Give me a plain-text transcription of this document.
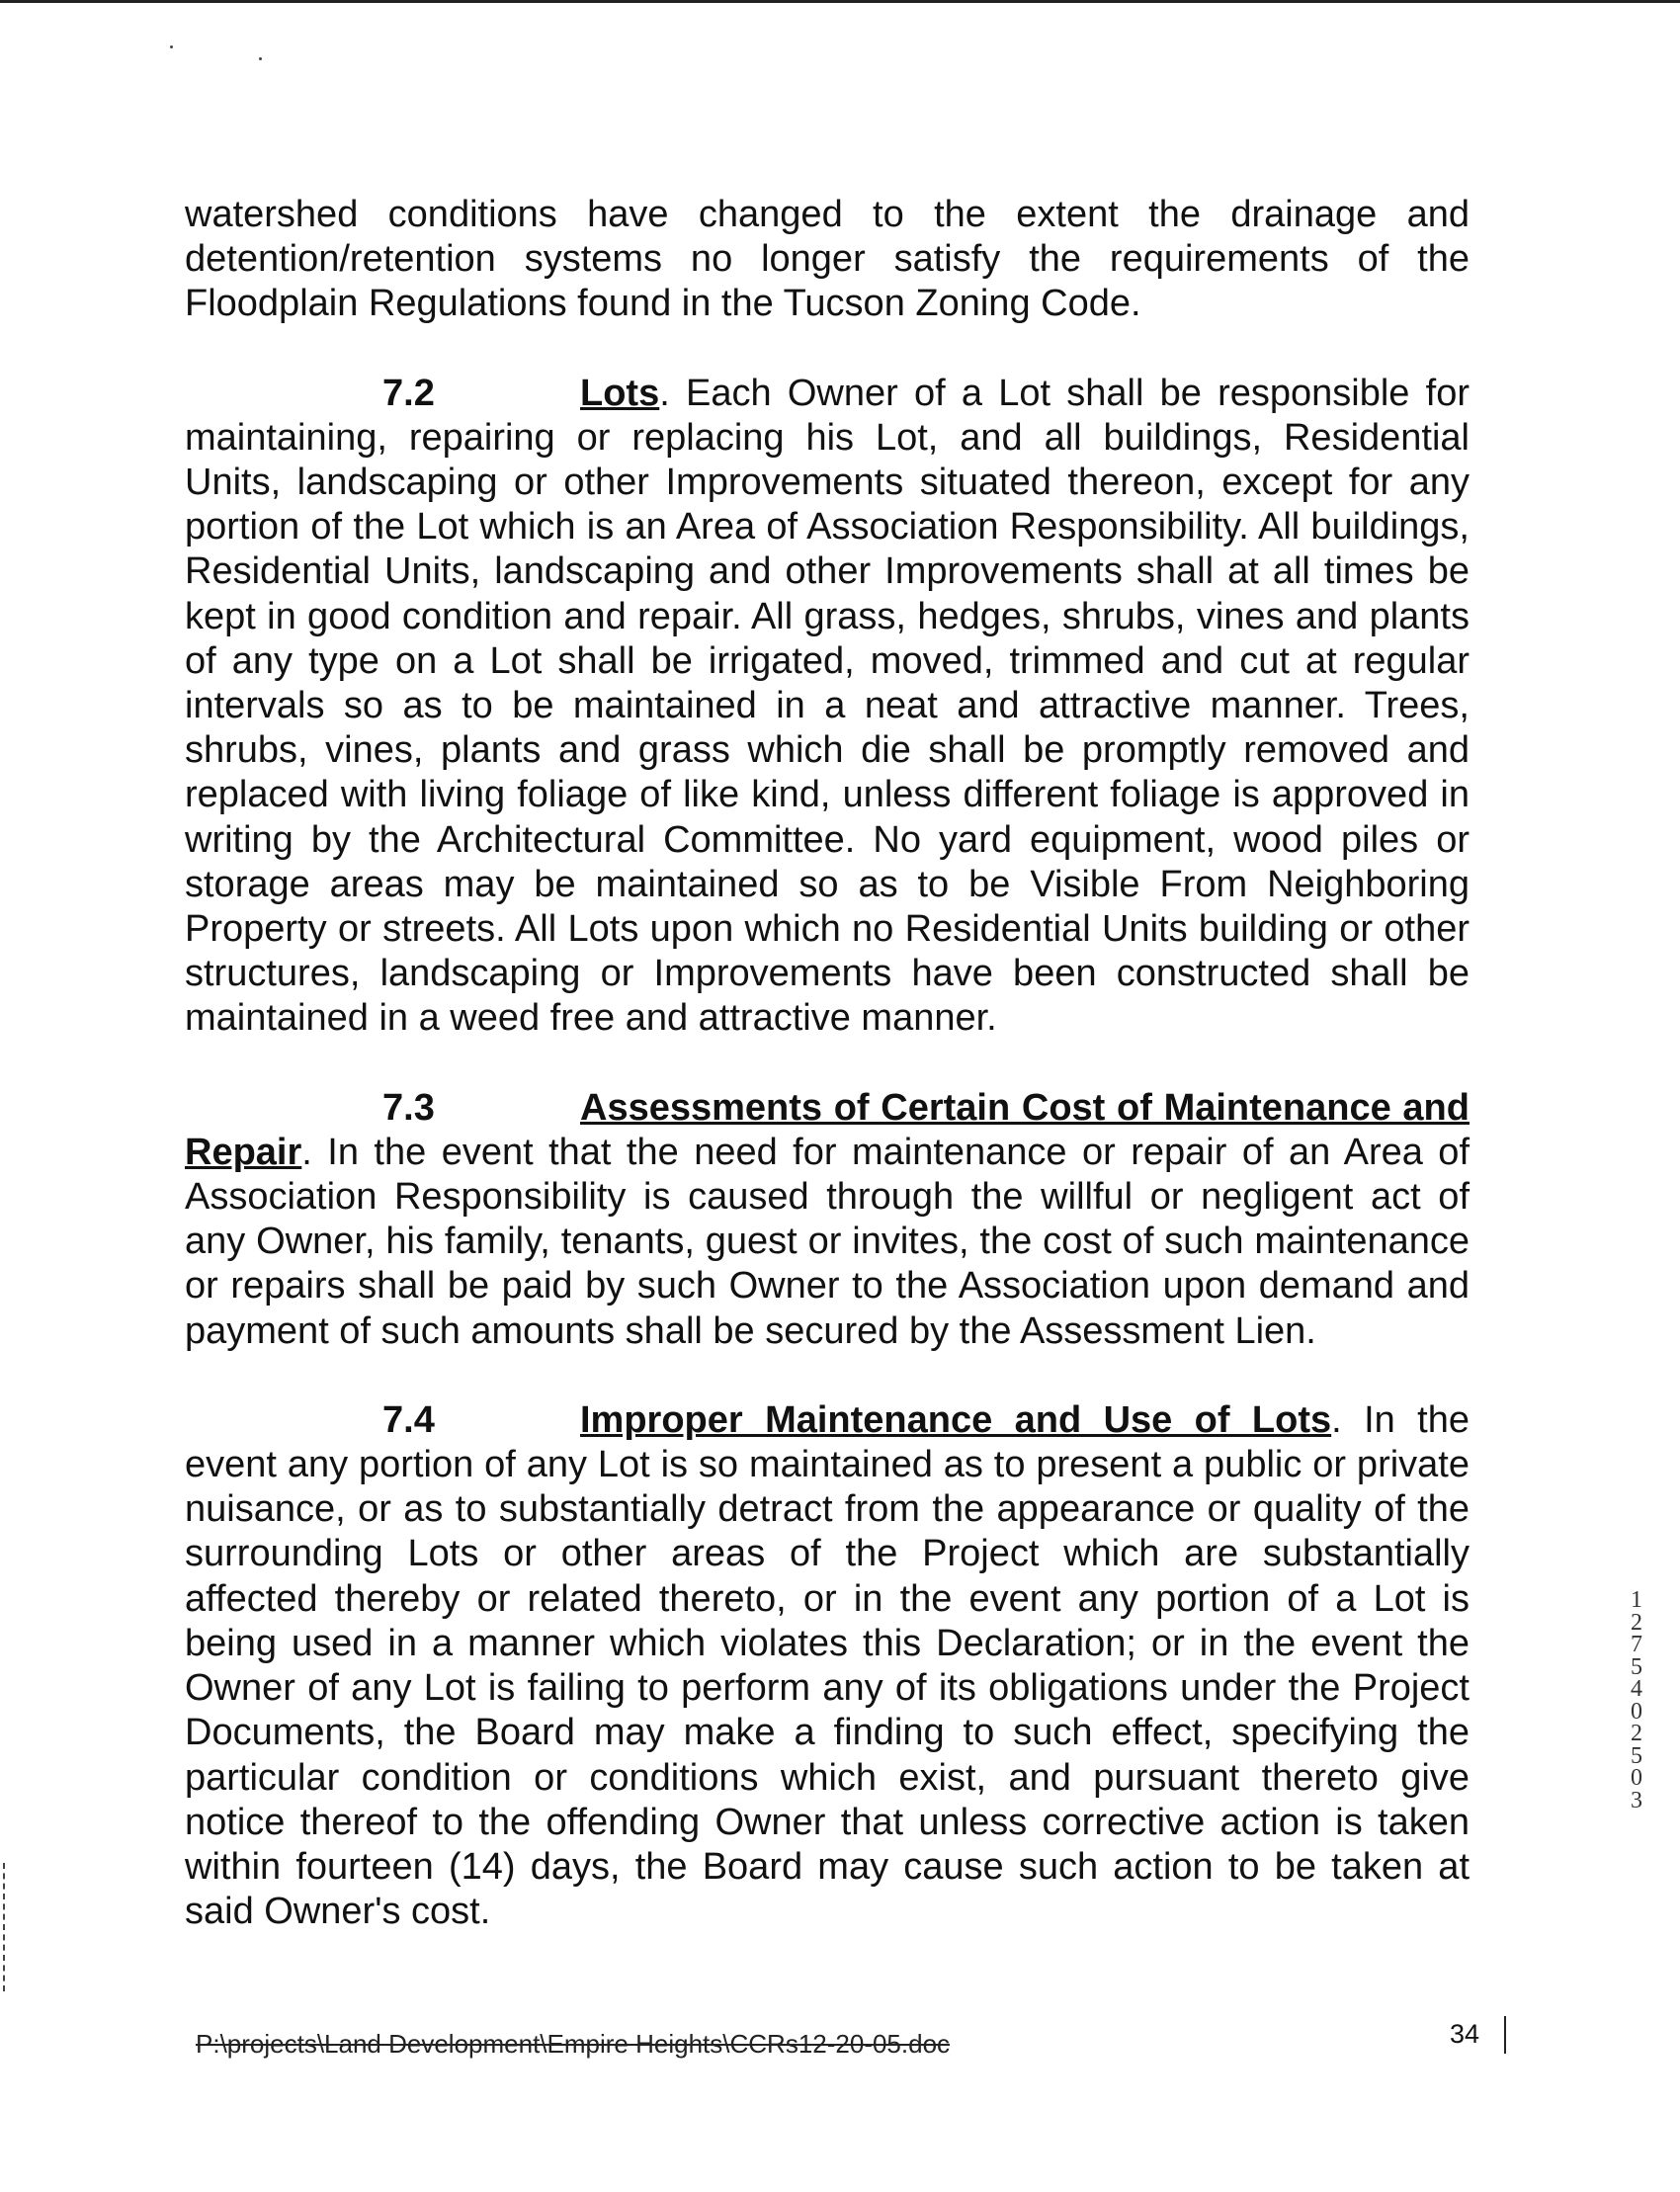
watershed conditions have changed to the extent the drainage and detention/retention systems no longer satisfy the requirements of the Floodplain Regulations found in the Tucson Zoning Code.

7.2	Lots. Each Owner of a Lot shall be responsible for maintaining, repairing or replacing his Lot, and all buildings, Residential Units, landscaping or other Improvements situated thereon, except for any portion of the Lot which is an Area of Association Responsibility. All buildings, Residential Units, landscaping and other Improvements shall at all times be kept in good condition and repair. All grass, hedges, shrubs, vines and plants of any type on a Lot shall be irrigated, moved, trimmed and cut at regular intervals so as to be maintained in a neat and attractive manner. Trees, shrubs, vines, plants and grass which die shall be promptly removed and replaced with living foliage of like kind, unless different foliage is approved in writing by the Architectural Committee. No yard equipment, wood piles or storage areas may be maintained so as to be Visible From Neighboring Property or streets. All Lots upon which no Residential Units building or other structures, landscaping or Improvements have been constructed shall be maintained in a weed free and attractive manner.

7.3	Assessments of Certain Cost of Maintenance and Repair. In the event that the need for maintenance or repair of an Area of Association Responsibility is caused through the willful or negligent act of any Owner, his family, tenants, guest or invites, the cost of such maintenance or repairs shall be paid by such Owner to the Association upon demand and payment of such amounts shall be secured by the Assessment Lien.

7.4	Improper Maintenance and Use of Lots. In the event any portion of any Lot is so maintained as to present a public or private nuisance, or as to substantially detract from the appearance or quality of the surrounding Lots or other areas of the Project which are substantially affected thereby or related thereto, or in the event any portion of a Lot is being used in a manner which violates this Declaration; or in the event the Owner of any Lot is failing to perform any of its obligations under the Project Documents, the Board may make a finding to such effect, specifying the particular condition or conditions which exist, and pursuant thereto give notice thereof to the offending Owner that unless corrective action is taken within fourteen (14) days, the Board may cause such action to be taken at said Owner's cost.

12754 02503
P:\projects\Land Development\Empire Heights\CCRs12-20-05.doc	34
